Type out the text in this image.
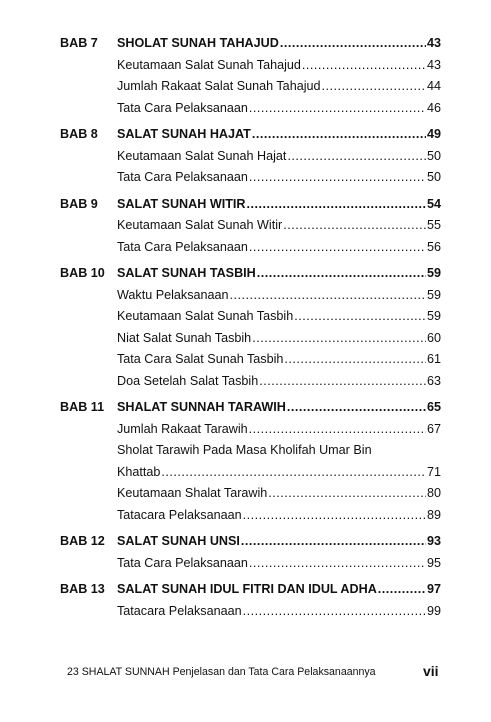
BAB 7	SHOLAT SUNAH TAHAJUD .....	43
Keutamaan Salat Sunah Tahajud .....	43
Jumlah Rakaat Salat Sunah Tahajud .....	44
Tata Cara Pelaksanaan .....	46
BAB 8	SALAT SUNAH HAJAT .....	49
Keutamaan Salat Sunah Hajat .....	50
Tata Cara Pelaksanaan .....	50
BAB 9	SALAT SUNAH WITIR .....	54
Keutamaan Salat Sunah Witir .....	55
Tata Cara Pelaksanaan .....	56
BAB 10 SALAT SUNAH TASBIH .....	59
Waktu Pelaksanaan .....	59
Keutamaan Salat Sunah Tasbih .....	59
Niat Salat Sunah Tasbih .....	60
Tata Cara Salat Sunah Tasbih .....	61
Doa Setelah Salat Tasbih .....	63
BAB 11	SHALAT SUNNAH TARAWIH .....	65
Jumlah Rakaat Tarawih .....	67
Sholat Tarawih Pada Masa Kholifah Umar Bin
Khattab .....	71
Keutamaan Shalat Tarawih .....	80
Tatacara Pelaksanaan .....	89
BAB 12 SALAT SUNAH UNSI .....	93
Tata Cara Pelaksanaan .....	95
BAB 13 SALAT SUNAH IDUL FITRI DAN IDUL ADHA .....	97
Tatacara Pelaksanaan .....	99
23 SHALAT SUNNAH Penjelasan dan Tata Cara Pelaksanaannya	vii
